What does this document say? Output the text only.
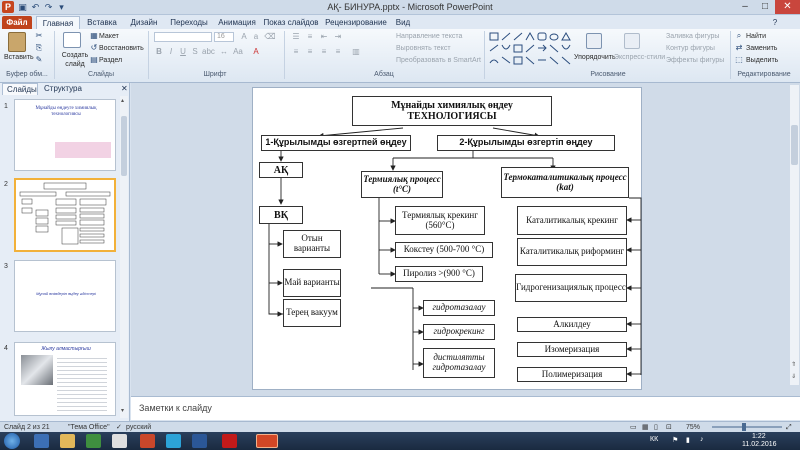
P ▣ ↶ ↷ ▾	АҚ- БИНУРА.pptx - Microsoft PowerPoint	–	□	✕
Файл	Главная	Вставка	Дизайн	Переходы	Анимация Показ слайдов Рецензирование	Вид	?
Вставить
✂
⎘
✎
Буфер обм...
Создать слайд
▦ Макет
↺ Восстановить
▤ Раздел
Слайды
16	A a ⌫
B I	U S abc ↔ Aa	A
Шрифт
☰	≡	⇤ ⇥
≡	≡	≡	≡	▥
Направление текста
Выровнять текст
Преобразовать в SmartArt
Абзац
Упорядочить
Экспресс-стили
Заливка фигуры
Контур фигуры
Эффекты фигуры
Рисование
⌕ Найти
⇄ Заменить
⬚ Выделить
Редактирование
Слайды Структура	✕
1	Мұнайды өңдеуге химиялық технологиясы
2
3
Мұнай өнімдерін өңдеу әдістері
4	Жылу алмастырғыш
▴
▾
⇑
⇓
Мұнайды химиялық өңдеу ТЕХНОЛОГИЯСЫ
1-Құрылымды өзгертпей өңдеу	2-Құрылымды өзгертіп өңдеу
АҚ
ВҚ
Отын варианты
Май варианты
Терең вакуум
Термиялық процесс (t°C)
Термиялық крекинг (560°С)
Кокстеу (500-700 °С)
Пиролиз >(900 °С)
гидротазалау
гидрокрекинг
дистилятты гидротазалау
Термокаталитикалық процесс (kat)
Каталитикалық крекинг
Каталитикалық риформинг
Гидрогенизациялық процесс
Алкилдеу
Изомеризация
Полимеризация
Заметки к слайду
Слайд 2 из 21	"Тема Office" ✓ русский	▭ ▦ ▯ ⊡ 75%	⤢
КК ⚑ ▮ ♪	1:22
11.02.2016
